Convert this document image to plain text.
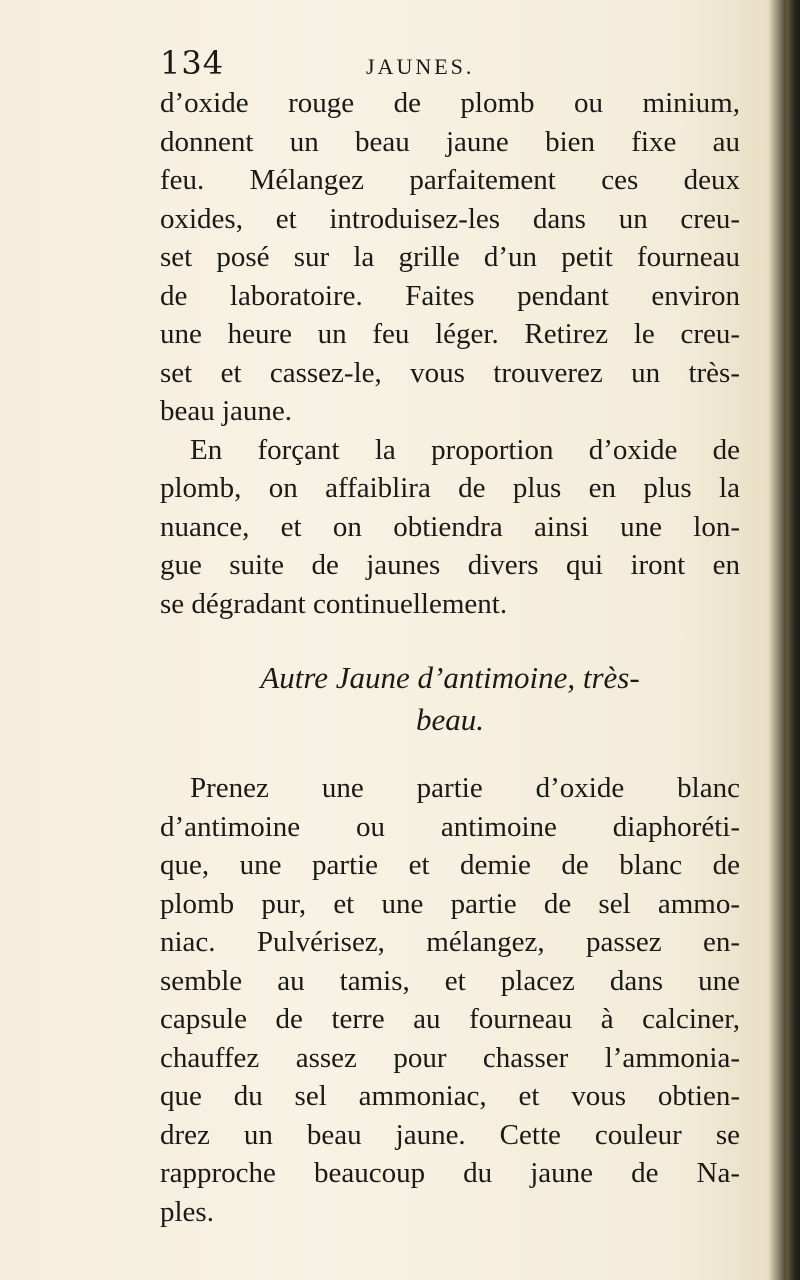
134	JAUNES.

d’oxide rouge de plomb ou minium,
donnent un beau jaune bien fixe au
feu. Mélangez parfaitement ces deux
oxides, et introduisez-les dans un creu-
set posé sur la grille d’un petit fourneau
de laboratoire. Faites pendant environ
une heure un feu léger. Retirez le creu-
set et cassez-le, vous trouverez un très-
beau jaune.

En forçant la proportion d’oxide de
plomb, on affaiblira de plus en plus la
nuance, et on obtiendra ainsi une lon-
gue suite de jaunes divers qui iront en
se dégradant continuellement.

Autre Jaune d’antimoine, très-
beau.

Prenez une partie d’oxide blanc
d’antimoine ou antimoine diaphoréti-
que, une partie et demie de blanc de
plomb pur, et une partie de sel ammo-
niac. Pulvérisez, mélangez, passez en-
semble au tamis, et placez dans une
capsule de terre au fourneau à calciner,
chauffez assez pour chasser l’ammonia-
que du sel ammoniac, et vous obtien-
drez un beau jaune. Cette couleur se
rapproche beaucoup du jaune de Na-
ples.
